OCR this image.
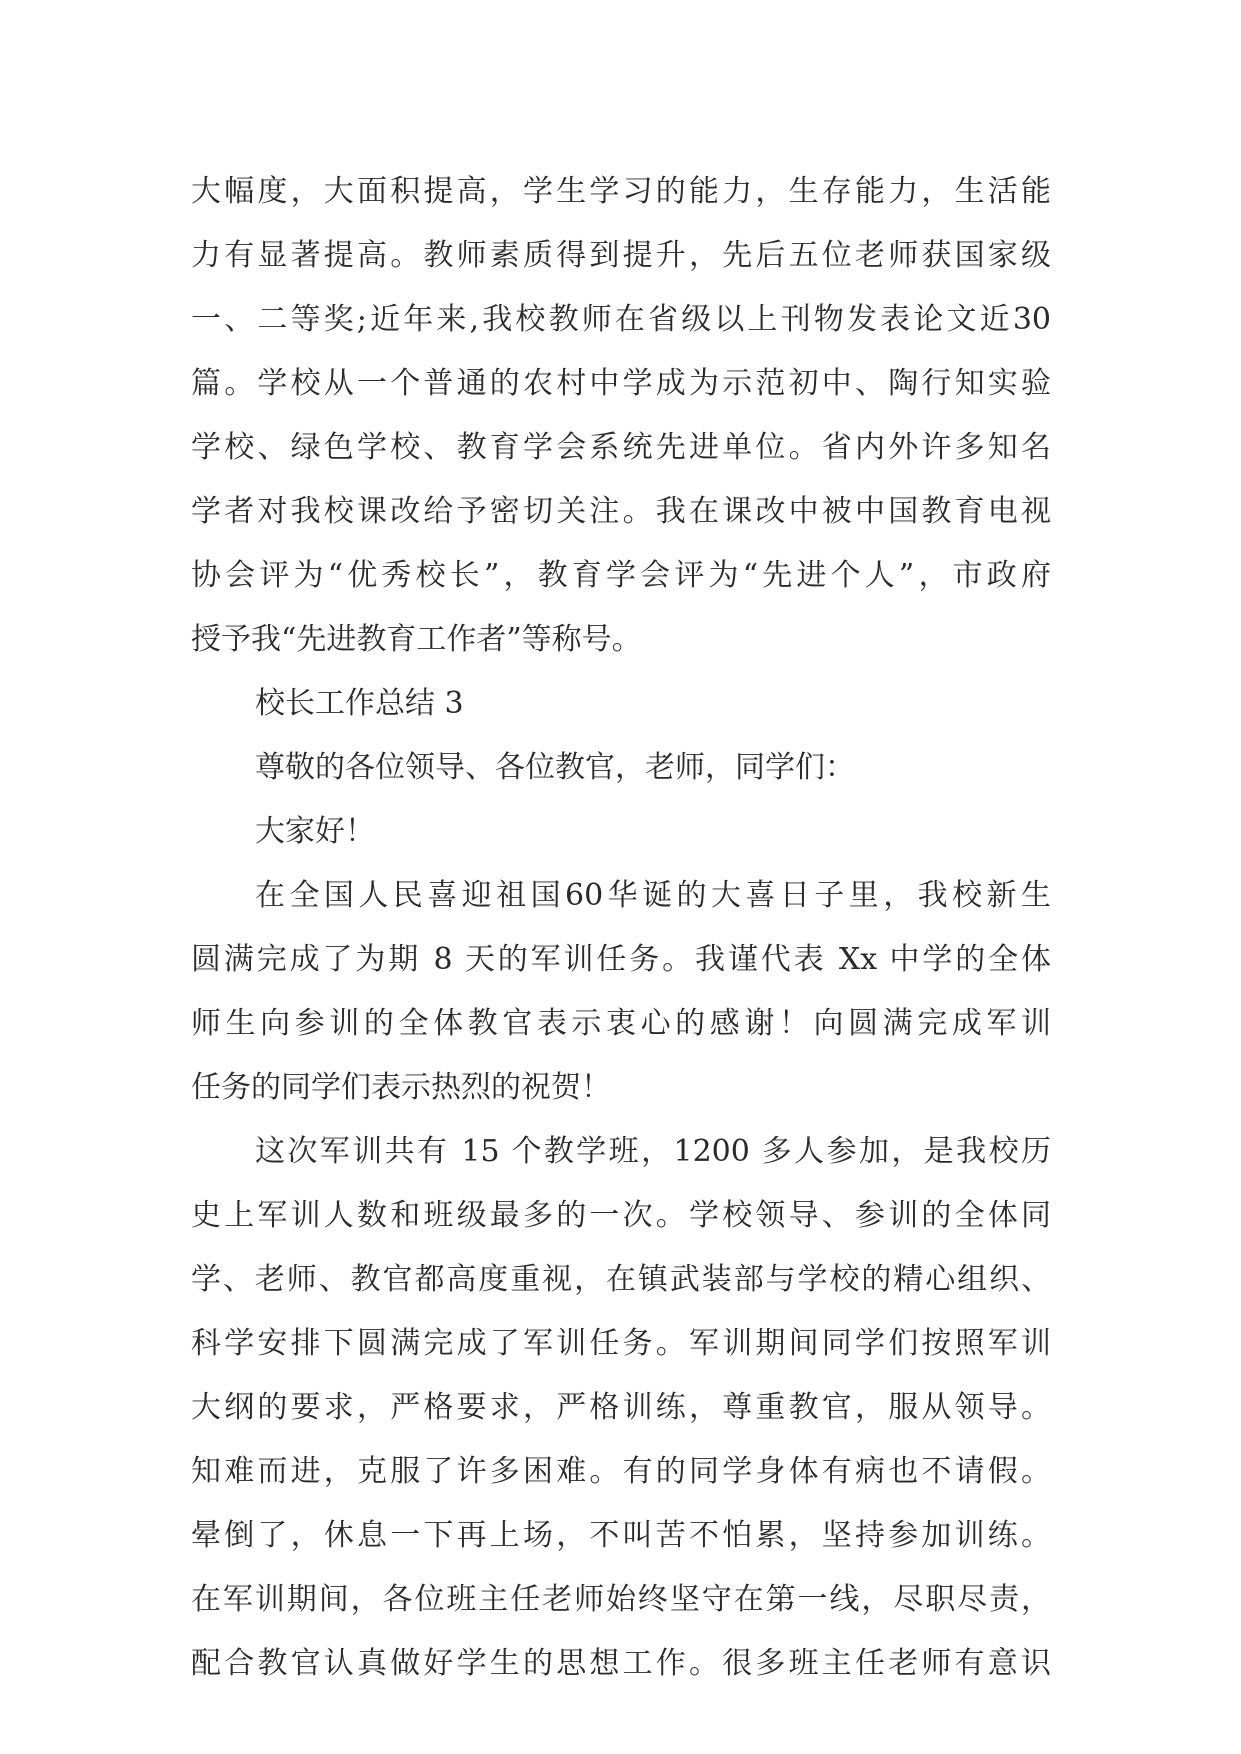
大幅度，大面积提高，学生学习的能力，生存能力，生活能
力有显著提高。教师素质得到提升，先后五位老师获国家级
一、二等奖;近年来,我校教师在省级以上刊物发表论文近30
篇。学校从一个普通的农村中学成为示范初中、陶行知实验
学校、绿色学校、教育学会系统先进单位。省内外许多知名
学者对我校课改给予密切关注。我在课改中被中国教育电视
协会评为“优秀校长”，教育学会评为“先进个人”，市政府
授予我“先进教育工作者”等称号。
校长工作总结 3
尊敬的各位领导、各位教官，老师，同学们：
大家好！
在全国人民喜迎祖国60华诞的大喜日子里，我校新生
圆满完成了为期 8 天的军训任务。我谨代表 Xx 中学的全体
师生向参训的全体教官表示衷心的感谢！向圆满完成军训
任务的同学们表示热烈的祝贺！
这次军训共有 15 个教学班，1200 多人参加，是我校历
史上军训人数和班级最多的一次。学校领导、参训的全体同
学、老师、教官都高度重视，在镇武装部与学校的精心组织、
科学安排下圆满完成了军训任务。军训期间同学们按照军训
大纲的要求，严格要求，严格训练，尊重教官，服从领导。
知难而进，克服了许多困难。有的同学身体有病也不请假。
晕倒了，休息一下再上场，不叫苦不怕累，坚持参加训练。
在军训期间，各位班主任老师始终坚守在第一线，尽职尽责，
配合教官认真做好学生的思想工作。很多班主任老师有意识
